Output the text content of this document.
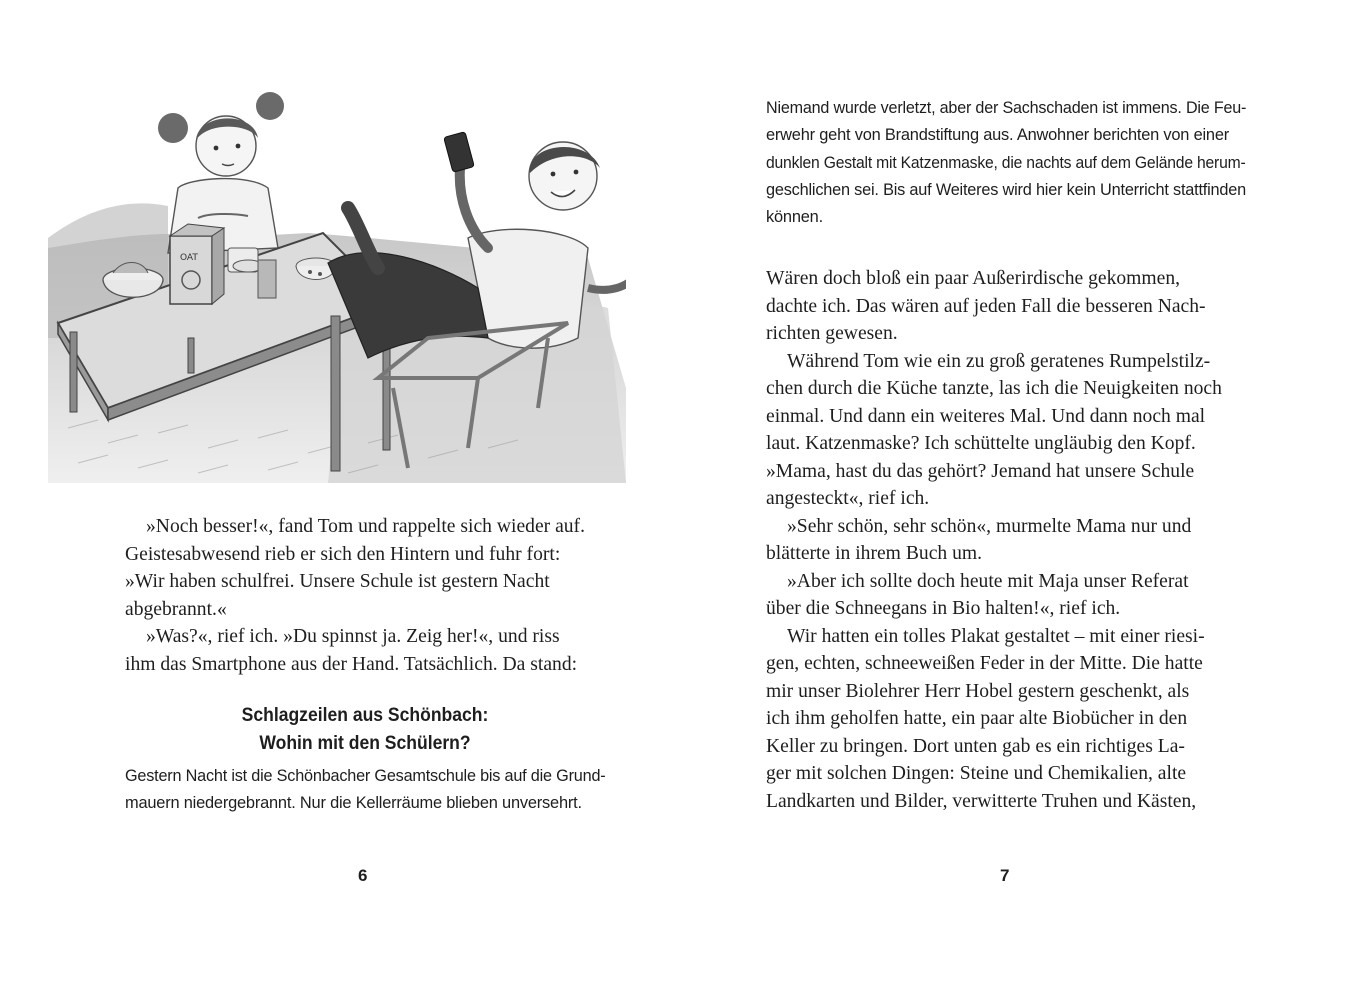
OAT
»Noch besser!«, fand Tom und rappelte sich wieder auf.
Geistesabwesend rieb er sich den Hintern und fuhr fort:
»Wir haben schulfrei. Unsere Schule ist gestern Nacht
abgebrannt.«
»Was?«, rief ich. »Du spinnst ja. Zeig her!«, und riss
ihm das Smartphone aus der Hand. Tatsächlich. Da stand:
Schlagzeilen aus Schönbach:
Wohin mit den Schülern?
Gestern Nacht ist die Schönbacher Gesamtschule bis auf die Grund-
mauern niedergebrannt. Nur die Kellerräume blieben unversehrt.
6
Niemand wurde verletzt, aber der Sachschaden ist immens. Die Feu-
erwehr geht von Brandstiftung aus. Anwohner berichten von einer
dunklen Gestalt mit Katzenmaske, die nachts auf dem Gelände herum-
geschlichen sei. Bis auf Weiteres wird hier kein Unterricht stattfinden
können.
Wären doch bloß ein paar Außerirdische gekommen,
dachte ich. Das wären auf jeden Fall die besseren Nach-
richten gewesen.
Während Tom wie ein zu groß geratenes Rumpelstilz-
chen durch die Küche tanzte, las ich die Neuigkeiten noch
einmal. Und dann ein weiteres Mal. Und dann noch mal
laut. Katzenmaske? Ich schüttelte ungläubig den Kopf.
»Mama, hast du das gehört? Jemand hat unsere Schule
angesteckt«, rief ich.
»Sehr schön, sehr schön«, murmelte Mama nur und
blätterte in ihrem Buch um.
»Aber ich sollte doch heute mit Maja unser Referat
über die Schneegans in Bio halten!«, rief ich.
Wir hatten ein tolles Plakat gestaltet – mit einer riesi-
gen, echten, schneeweißen Feder in der Mitte. Die hatte
mir unser Biolehrer Herr Hobel gestern geschenkt, als
ich ihm geholfen hatte, ein paar alte Biobücher in den
Keller zu bringen. Dort unten gab es ein richtiges La-
ger mit solchen Dingen: Steine und Chemikalien, alte
Landkarten und Bilder, verwitterte Truhen und Kästen,
7
